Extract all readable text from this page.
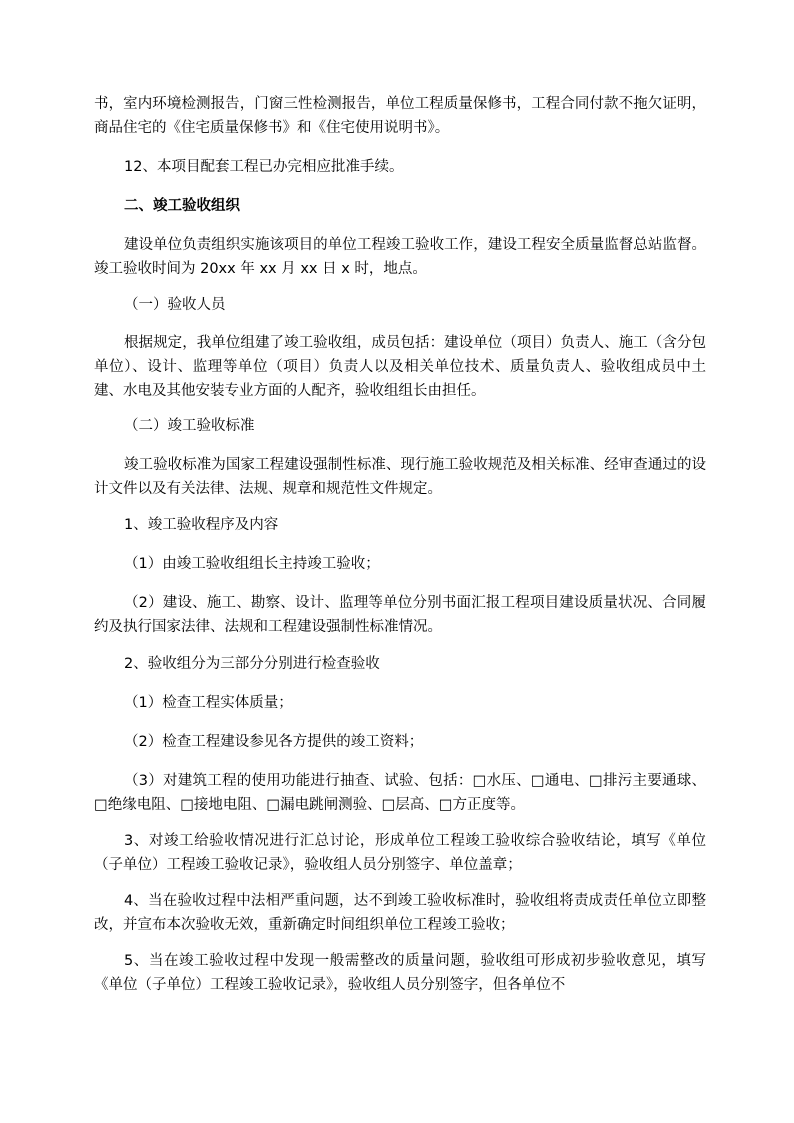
书，室内环境检测报告，门窗三性检测报告，单位工程质量保修书，工程合同付款不拖欠证明，商品住宅的《住宅质量保修书》和《住宅使用说明书》。

12、本项目配套工程已办完相应批准手续。

二、竣工验收组织

建设单位负责组织实施该项目的单位工程竣工验收工作，建设工程安全质量监督总站监督。竣工验收时间为 20xx 年 xx 月 xx 日 x 时，地点。

（一）验收人员

根据规定，我单位组建了竣工验收组，成员包括：建设单位（项目）负责人、施工（含分包单位）、设计、监理等单位（项目）负责人以及相关单位技术、质量负责人、验收组成员中土建、水电及其他安装专业方面的人配齐，验收组组长由担任。

（二）竣工验收标准

竣工验收标准为国家工程建设强制性标准、现行施工验收规范及相关标准、经审查通过的设计文件以及有关法律、法规、规章和规范性文件规定。

1、竣工验收程序及内容

（1）由竣工验收组组长主持竣工验收；

（2）建设、施工、勘察、设计、监理等单位分别书面汇报工程项目建设质量状况、合同履约及执行国家法律、法规和工程建设强制性标准情况。

2、验收组分为三部分分别进行检查验收

（1）检查工程实体质量；

（2）检查工程建设参见各方提供的竣工资料；

（3）对建筑工程的使用功能进行抽查、试验、包括：□水压、□通电、□排污主要通球、□绝缘电阻、□接地电阻、□漏电跳闸测验、□层高、□方正度等。

3、对竣工给验收情况进行汇总讨论，形成单位工程竣工验收综合验收结论，填写《单位（子单位）工程竣工验收记录》，验收组人员分别签字、单位盖章；

4、当在验收过程中法相严重问题，达不到竣工验收标准时，验收组将责成责任单位立即整改，并宣布本次验收无效，重新确定时间组织单位工程竣工验收；

5、当在竣工验收过程中发现一般需整改的质量问题，验收组可形成初步验收意见，填写《单位（子单位）工程竣工验收记录》，验收组人员分别签字，但各单位不
